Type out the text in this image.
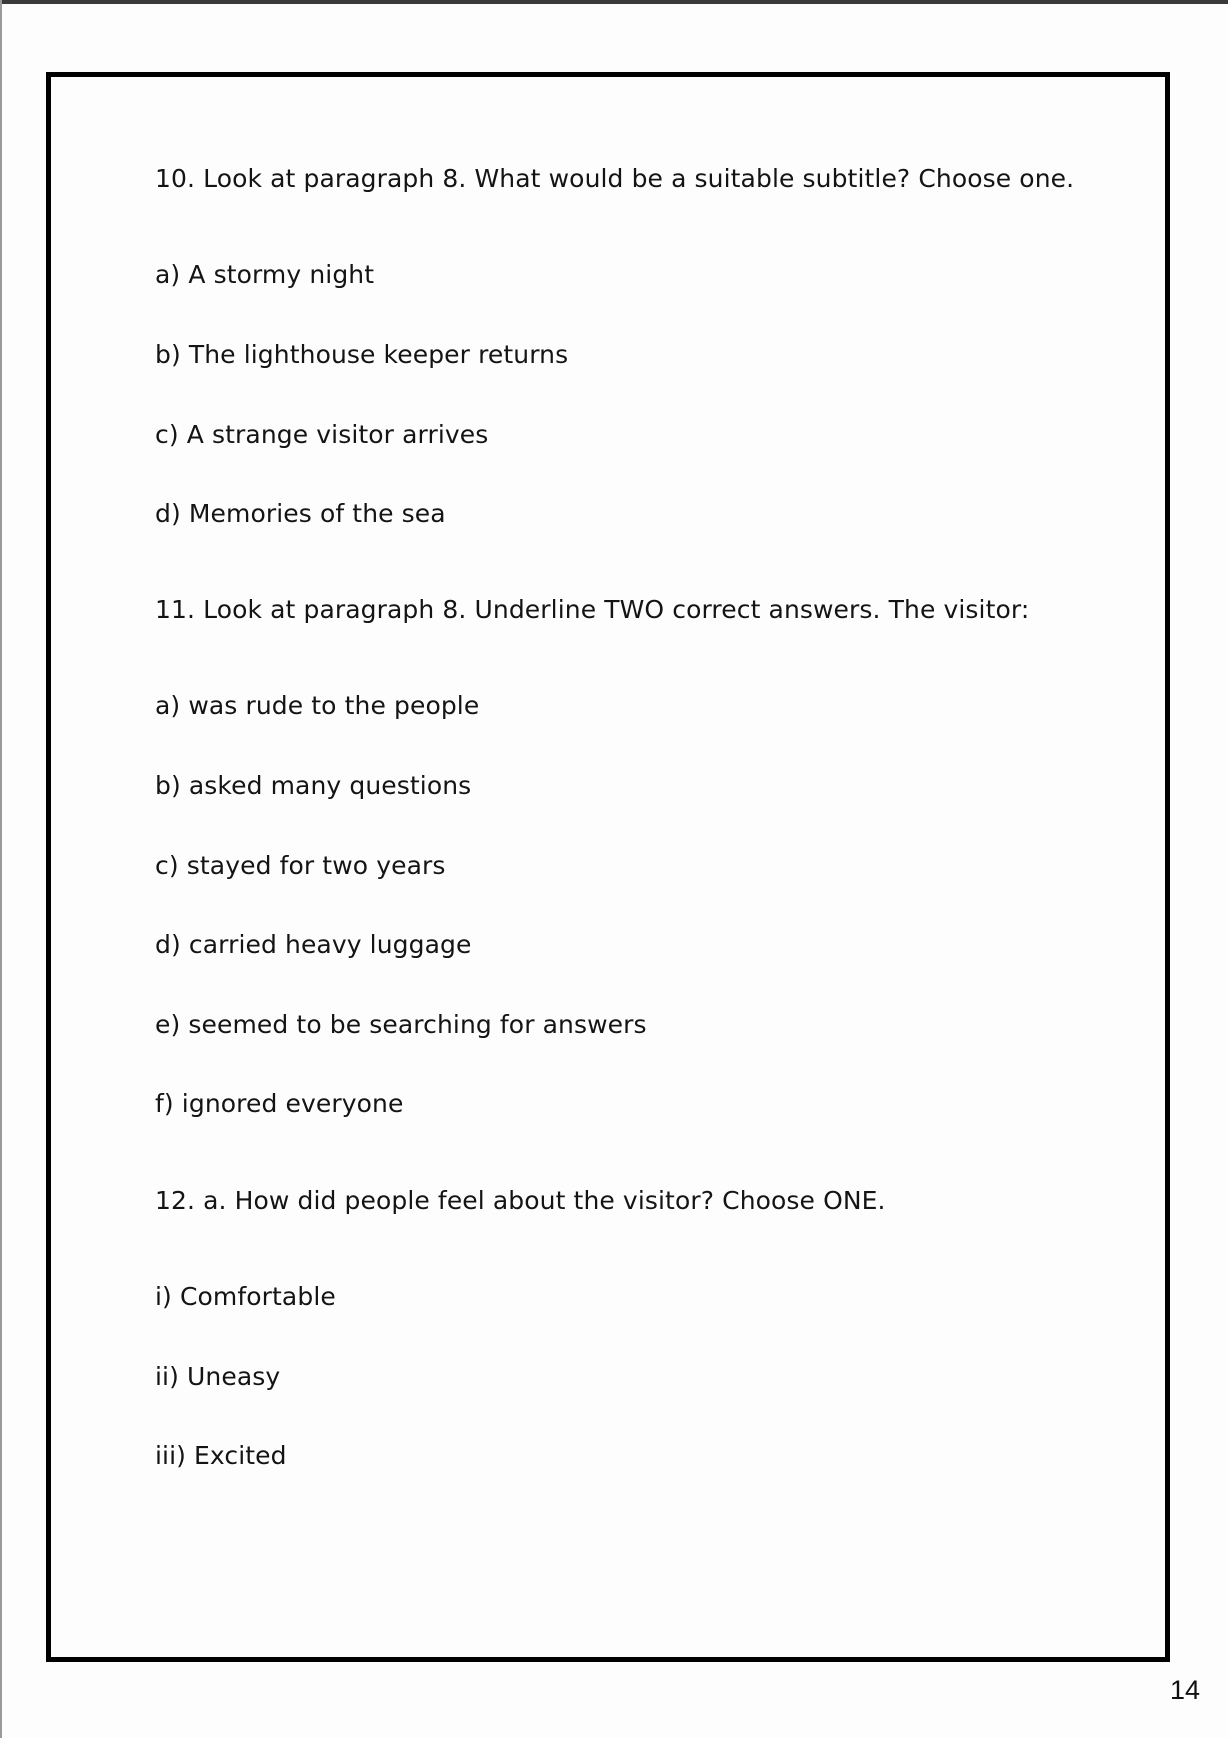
10. Look at paragraph 8. What would be a suitable subtitle? Choose one.

a) A stormy night

b) The lighthouse keeper returns

c) A strange visitor arrives

d) Memories of the sea

11. Look at paragraph 8. Underline TWO correct answers. The visitor:

a) was rude to the people

b) asked many questions

c) stayed for two years

d) carried heavy luggage

e) seemed to be searching for answers

f) ignored everyone

12. a. How did people feel about the visitor? Choose ONE.

i) Comfortable

ii) Uneasy

iii) Excited

14
